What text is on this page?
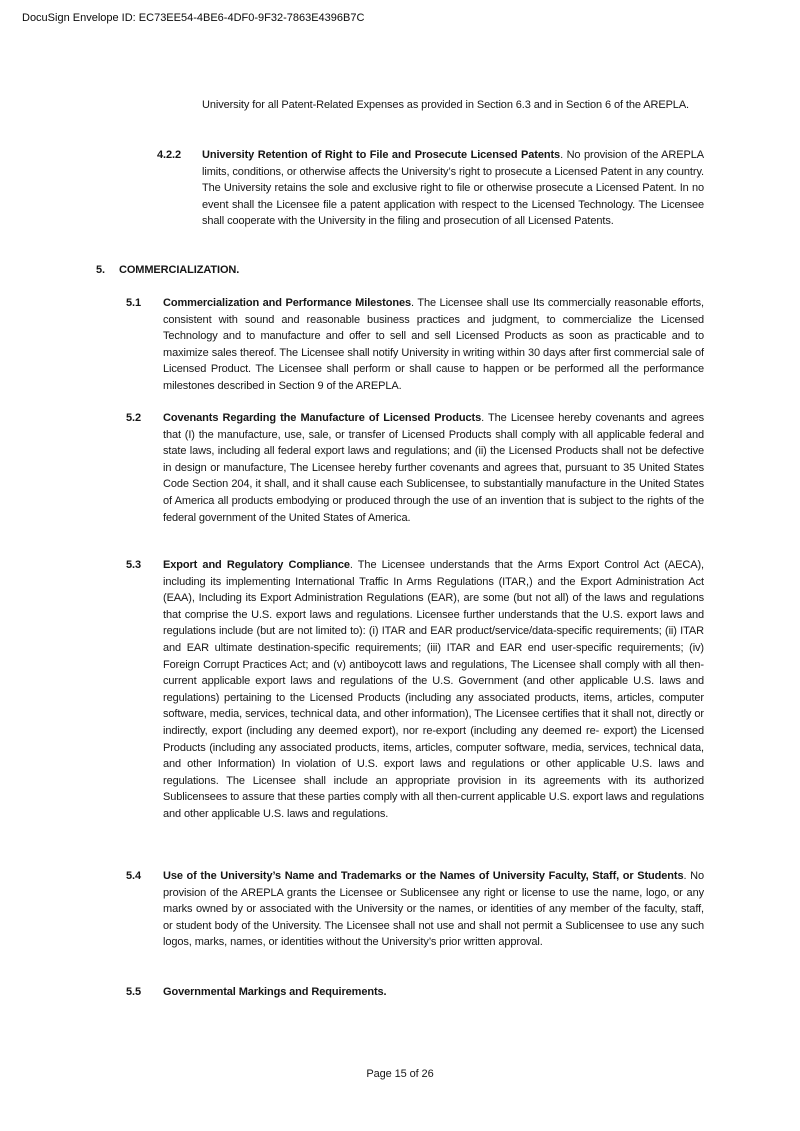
DocuSign Envelope ID: EC73EE54-4BE6-4DF0-9F32-7863E4396B7C

University for all Patent-Related Expenses as provided in Section 6.3 and in Section 6 of the AREPLA.

4.2.2 University Retention of Right to File and Prosecute Licensed Patents. No provision of the AREPLA limits, conditions, or otherwise affects the University’s right to prosecute a Licensed Patent in any country. The University retains the sole and exclusive right to file or otherwise prosecute a Licensed Patent. In no event shall the Licensee file a patent application with respect to the Licensed Technology. The Licensee shall cooperate with the University in the filing and prosecution of all Licensed Patents.

5. COMMERCIALIZATION.
5.1 Commercialization and Performance Milestones. The Licensee shall use Its commercially reasonable efforts, consistent with sound and reasonable business practices and judgment, to commercialize the Licensed Technology and to manufacture and offer to sell and sell Licensed Products as soon as practicable and to maximize sales thereof. The Licensee shall notify University in writing within 30 days after first commercial sale of Licensed Product. The Licensee shall perform or shall cause to happen or be performed all the performance milestones described in Section 9 of the AREPLA.

5.2 Covenants Regarding the Manufacture of Licensed Products. The Licensee hereby covenants and agrees that (I) the manufacture, use, sale, or transfer of Licensed Products shall comply with all applicable federal and state laws, including all federal export laws and regulations; and (ii) the Licensed Products shall not be defective in design or manufacture, The Licensee hereby further covenants and agrees that, pursuant to 35 United States Code Section 204, it shall, and it shall cause each Sublicensee, to substantially manufacture in the United States of America all products embodying or produced through the use of an invention that is subject to the rights of the federal government of the United States of America.

5.3 Export and Regulatory Compliance. The Licensee understands that the Arms Export Control Act (AECA), including its implementing International Traffic In Arms Regulations (ITAR,) and the Export Administration Act (EAA), Including its Export Administration Regulations (EAR), are some (but not all) of the laws and regulations that comprise the U.S. export laws and regulations. Licensee further understands that the U.S. export laws and regulations include (but are not limited to): (i) ITAR and EAR product/service/data-specific requirements; (ii) ITAR and EAR ultimate destination-specific requirements; (iii) ITAR and EAR end user-specific requirements; (iv) Foreign Corrupt Practices Act; and (v) antiboycott laws and regulations, The Licensee shall comply with all then-current applicable export laws and regulations of the U.S. Government (and other applicable U.S. laws and regulations) pertaining to the Licensed Products (including any associated products, items, articles, computer software, media, services, technical data, and other information), The Licensee certifies that it shall not, directly or indirectly, export (including any deemed export), nor re-export (including any deemed re- export) the Licensed Products (including any associated products, items, articles, computer software, media, services, technical data, and other Information) In violation of U.S. export laws and regulations or other applicable U.S. laws and regulations. The Licensee shall include an appropriate provision in its agreements with its authorized Sublicensees to assure that these parties comply with all then-current applicable U.S. export laws and regulations and other applicable U.S. laws and regulations.

5.4 Use of the University’s Name and Trademarks or the Names of University Faculty, Staff, or Students. No provision of the AREPLA grants the Licensee or Sublicensee any right or license to use the name, logo, or any marks owned by or associated with the University or the names, or identities of any member of the faculty, staff, or student body of the University. The Licensee shall not use and shall not permit a Sublicensee to use any such logos, marks, names, or identities without the University’s prior written approval.

5.5 Governmental Markings and Requirements.

Page 15 of 26
